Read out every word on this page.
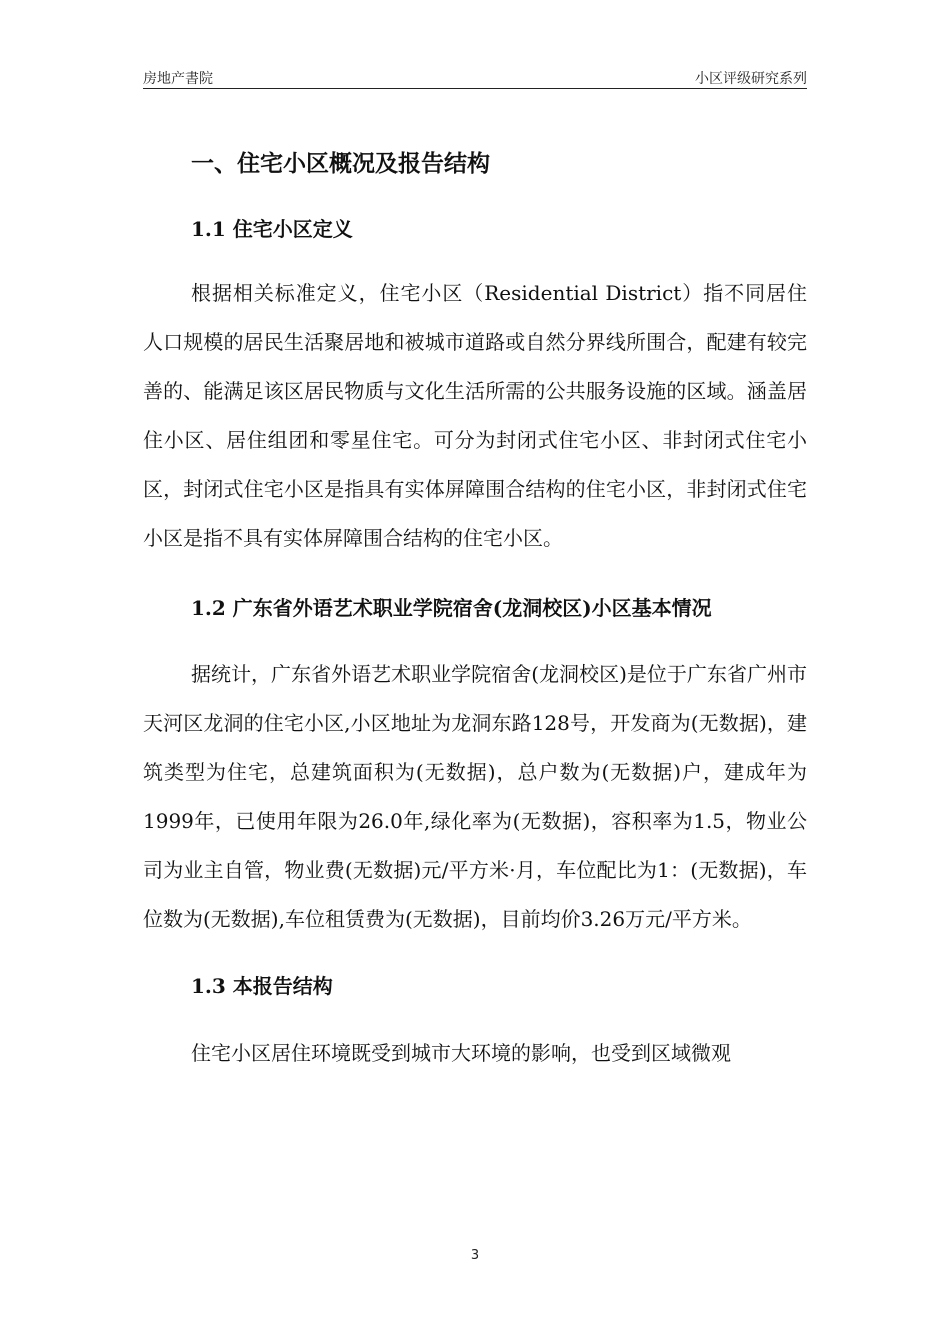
房地产書院	小区评级研究系列
一、住宅小区概况及报告结构
1.1 住宅小区定义

根据相关标准定义，住宅小区（Residential District）指不同居住人口规模的居民生活聚居地和被城市道路或自然分界线所围合，配建有较完善的、能满足该区居民物质与文化生活所需的公共服务设施的区域。涵盖居住小区、居住组团和零星住宅。可分为封闭式住宅小区、非封闭式住宅小区，封闭式住宅小区是指具有实体屏障围合结构的住宅小区，非封闭式住宅小区是指不具有实体屏障围合结构的住宅小区。

1.2 广东省外语艺术职业学院宿舍(龙洞校区)小区基本情况

据统计，广东省外语艺术职业学院宿舍(龙洞校区)是位于广东省广州市天河区龙洞的住宅小区,小区地址为龙洞东路128号，开发商为(无数据)，建筑类型为住宅，总建筑面积为(无数据)，总户数为(无数据)户，建成年为1999年，已使用年限为26.0年,绿化率为(无数据)，容积率为1.5，物业公司为业主自管，物业费(无数据)元/平方米·月，车位配比为1：(无数据)，车位数为(无数据),车位租赁费为(无数据)，目前均价3.26万元/平方米。

1.3 本报告结构

住宅小区居住环境既受到城市大环境的影响，也受到区域微观

3
